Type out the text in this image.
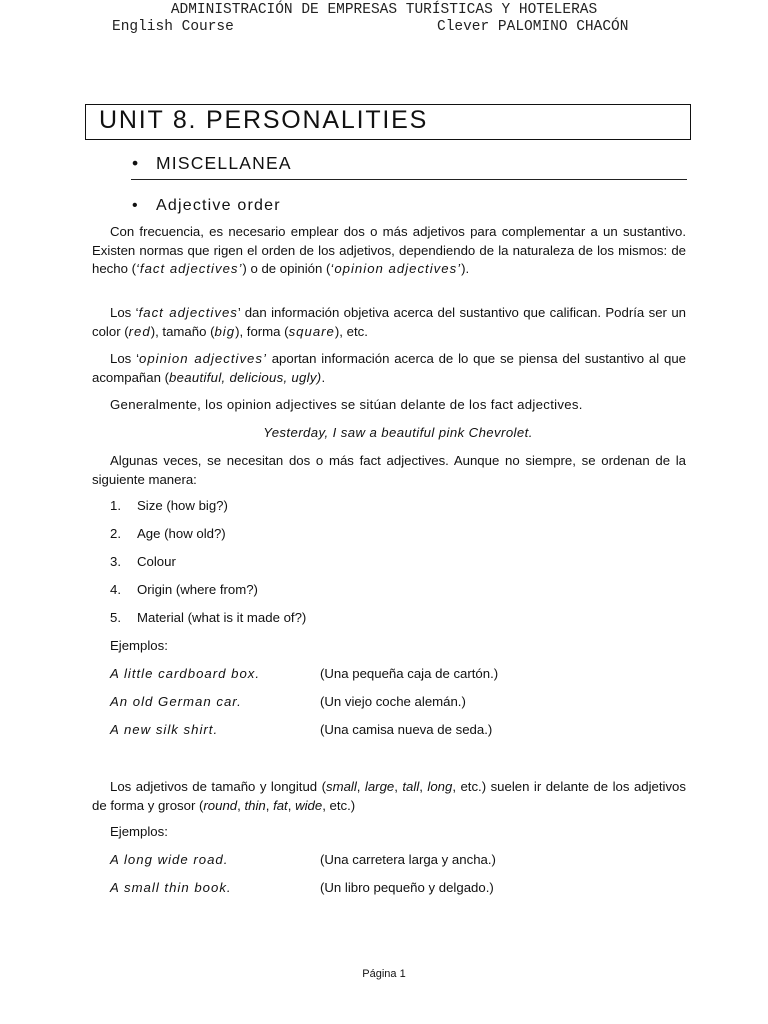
ADMINISTRACIÓN DE EMPRESAS TURÍSTICAS Y HOTELERAS
English Course	Clever PALOMINO CHACÓN
UNIT 8. PERSONALITIES
• MISCELLANEA
• Adjective order

Con frecuencia, es necesario emplear dos o más adjetivos para complementar a un sustantivo. Existen normas que rigen el orden de los adjetivos, dependiendo de la naturaleza de los mismos: de hecho (‘fact adjectives’) o de opinión (‘opinion adjectives’).

Los ‘fact adjectives’ dan información objetiva acerca del sustantivo que califican. Podría ser un color (red), tamaño (big), forma (square), etc.

Los ‘opinion adjectives’ aportan información acerca de lo que se piensa del sustantivo al que acompañan (beautiful, delicious, ugly).

Generalmente, los opinion adjectives se sitúan delante de los fact adjectives.

Yesterday, I saw a beautiful pink Chevrolet.

Algunas veces, se necesitan dos o más fact adjectives. Aunque no siempre, se ordenan de la siguiente manera:

1. Size (how big?)
2. Age (how old?)
3. Colour
4. Origin (where from?)
5. Material (what is it made of?)
Ejemplos:
A little cardboard box.	(Una pequeña caja de cartón.)
An old German car.	(Un viejo coche alemán.)
A new silk shirt.	(Una camisa nueva de seda.)

Los adjetivos de tamaño y longitud (small, large, tall, long, etc.) suelen ir delante de los adjetivos de forma y grosor (round, thin, fat, wide, etc.)

Ejemplos:
A long wide road.	(Una carretera larga y ancha.)
A small thin book.	(Un libro pequeño y delgado.)
Página 1
